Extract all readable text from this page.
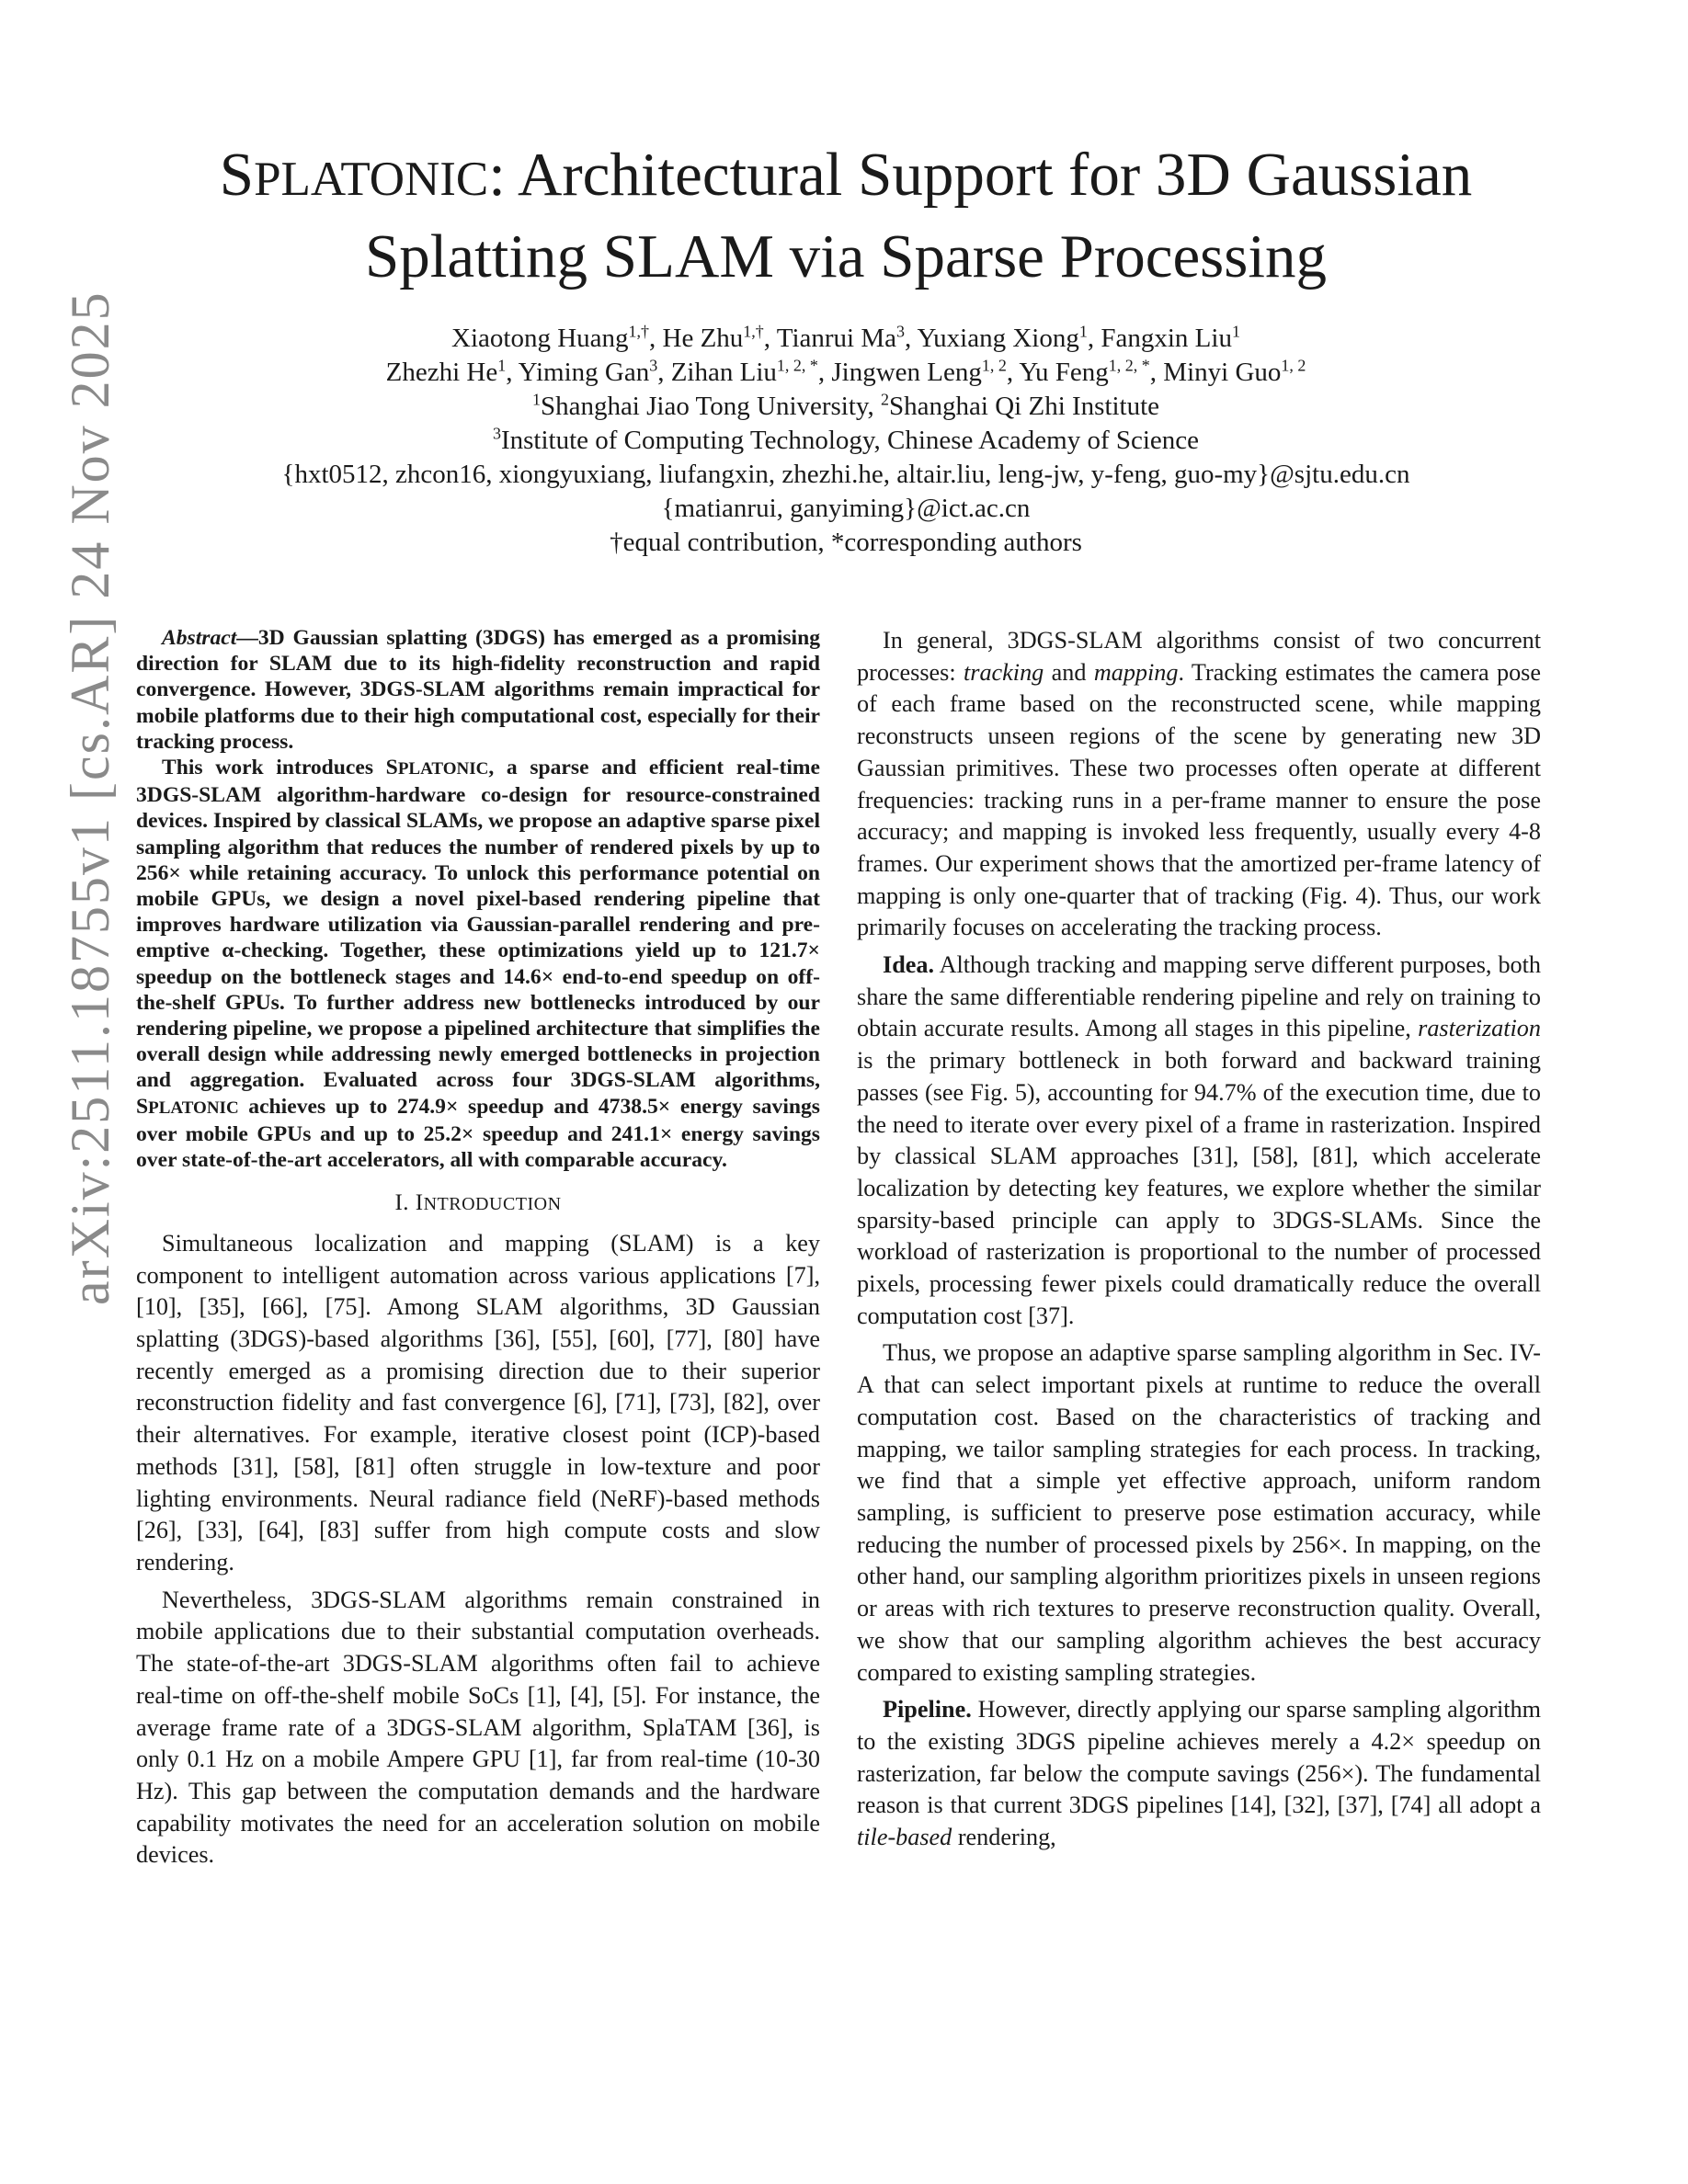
arXiv:2511.18755v1 [cs.AR] 24 Nov 2025
SPLATONIC: Architectural Support for 3D Gaussian
Splatting SLAM via Sparse Processing
Xiaotong Huang$^{1,\dagger}$, He Zhu$^{1,\dagger}$, Tianrui Ma$^3$, Yuxiang Xiong$^1$, Fangxin Liu$^1$
Zhezhi He$^1$, Yiming Gan$^3$, Zihan Liu$^{1, 2, *}$, Jingwen Leng$^{1, 2}$, Yu Feng$^{1, 2, *}$, Minyi Guo$^{1, 2}$
$^1$Shanghai Jiao Tong University, $^2$Shanghai Qi Zhi Institute
$^3$Institute of Computing Technology, Chinese Academy of Science
{hxt0512, zhcon16, xiongyuxiang, liufangxin, zhezhi.he, altair.liu, leng-jw, y-feng, guo-my}@sjtu.edu.cn
{matianrui, ganyiming}@ict.ac.cn
†equal contribution, *corresponding authors

Abstract—3D Gaussian splatting (3DGS) has emerged as a promising direction for SLAM due to its high-fidelity reconstruction and rapid convergence. However, 3DGS-SLAM algorithms remain impractical for mobile platforms due to their high computational cost, especially for their tracking process.

This work introduces SPLATONIC, a sparse and efficient real-time 3DGS-SLAM algorithm-hardware co-design for resource-constrained devices. Inspired by classical SLAMs, we propose an adaptive sparse pixel sampling algorithm that reduces the number of rendered pixels by up to 256× while retaining accuracy. To unlock this performance potential on mobile GPUs, we design a novel pixel-based rendering pipeline that improves hardware utilization via Gaussian-parallel rendering and pre-emptive α-checking. Together, these optimizations yield up to 121.7× speedup on the bottleneck stages and 14.6× end-to-end speedup on off-the-shelf GPUs. To further address new bottlenecks introduced by our rendering pipeline, we propose a pipelined architecture that simplifies the overall design while addressing newly emerged bottlenecks in projection and aggregation. Evaluated across four 3DGS-SLAM algorithms, SPLATONIC achieves up to 274.9× speedup and 4738.5× energy savings over mobile GPUs and up to 25.2× speedup and 241.1× energy savings over state-of-the-art accelerators, all with comparable accuracy.

I. INTRODUCTION

Simultaneous localization and mapping (SLAM) is a key component to intelligent automation across various applications [7], [10], [35], [66], [75]. Among SLAM algorithms, 3D Gaussian splatting (3DGS)-based algorithms [36], [55], [60], [77], [80] have recently emerged as a promising direction due to their superior reconstruction fidelity and fast convergence [6], [71], [73], [82], over their alternatives. For example, iterative closest point (ICP)-based methods [31], [58], [81] often struggle in low-texture and poor lighting environments. Neural radiance field (NeRF)-based methods [26], [33], [64], [83] suffer from high compute costs and slow rendering.

Nevertheless, 3DGS-SLAM algorithms remain constrained in mobile applications due to their substantial computation overheads. The state-of-the-art 3DGS-SLAM algorithms often fail to achieve real-time on off-the-shelf mobile SoCs [1], [4], [5]. For instance, the average frame rate of a 3DGS-SLAM algorithm, SplaTAM [36], is only 0.1 Hz on a mobile Ampere GPU [1], far from real-time (10-30 Hz). This gap between the computation demands and the hardware capability motivates the need for an acceleration solution on mobile devices.

In general, 3DGS-SLAM algorithms consist of two concurrent processes: tracking and mapping. Tracking estimates the camera pose of each frame based on the reconstructed scene, while mapping reconstructs unseen regions of the scene by generating new 3D Gaussian primitives. These two processes often operate at different frequencies: tracking runs in a per-frame manner to ensure the pose accuracy; and mapping is invoked less frequently, usually every 4-8 frames. Our experiment shows that the amortized per-frame latency of mapping is only one-quarter that of tracking (Fig. 4). Thus, our work primarily focuses on accelerating the tracking process.

Idea. Although tracking and mapping serve different purposes, both share the same differentiable rendering pipeline and rely on training to obtain accurate results. Among all stages in this pipeline, rasterization is the primary bottleneck in both forward and backward training passes (see Fig. 5), accounting for 94.7% of the execution time, due to the need to iterate over every pixel of a frame in rasterization. Inspired by classical SLAM approaches [31], [58], [81], which accelerate localization by detecting key features, we explore whether the similar sparsity-based principle can apply to 3DGS-SLAMs. Since the workload of rasterization is proportional to the number of processed pixels, processing fewer pixels could dramatically reduce the overall computation cost [37].

Thus, we propose an adaptive sparse sampling algorithm in Sec. IV-A that can select important pixels at runtime to reduce the overall computation cost. Based on the characteristics of tracking and mapping, we tailor sampling strategies for each process. In tracking, we find that a simple yet effective approach, uniform random sampling, is sufficient to preserve pose estimation accuracy, while reducing the number of processed pixels by 256×. In mapping, on the other hand, our sampling algorithm prioritizes pixels in unseen regions or areas with rich textures to preserve reconstruction quality. Overall, we show that our sampling algorithm achieves the best accuracy compared to existing sampling strategies.

Pipeline. However, directly applying our sparse sampling algorithm to the existing 3DGS pipeline achieves merely a 4.2× speedup on rasterization, far below the compute savings (256×). The fundamental reason is that current 3DGS pipelines [14], [32], [37], [74] all adopt a tile-based rendering,
